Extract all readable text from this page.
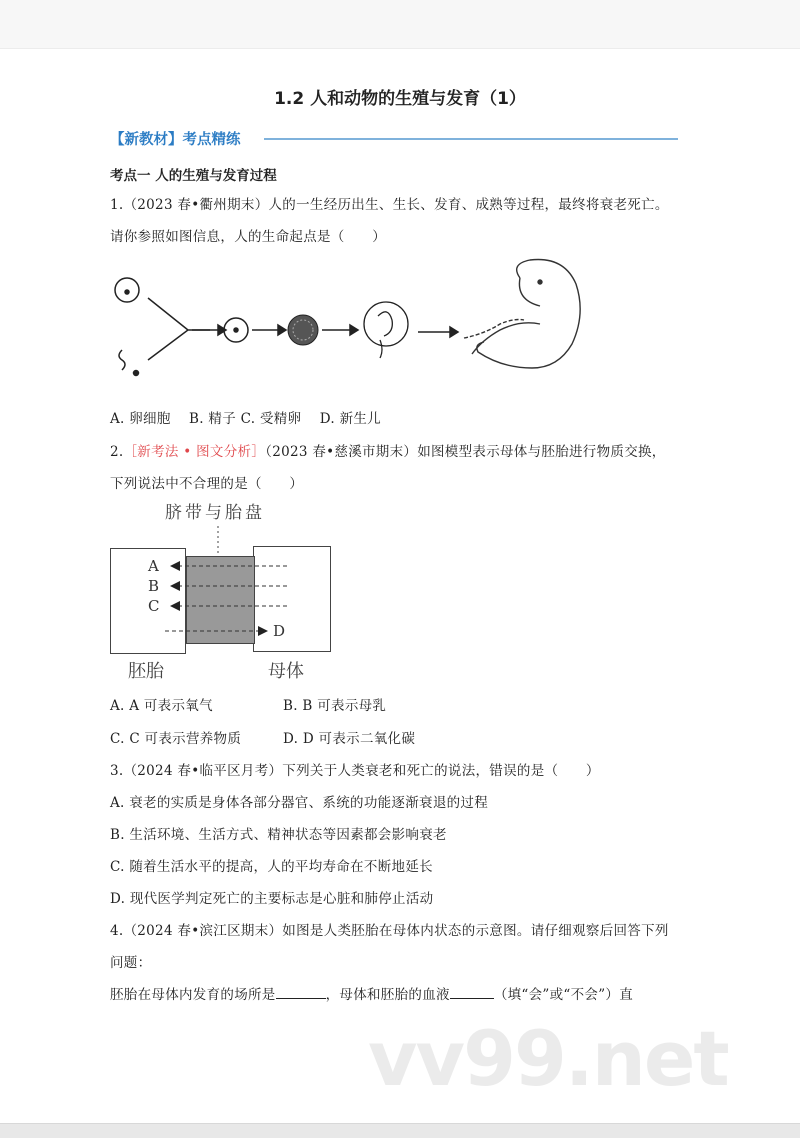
1.2 人和动物的生殖与发育（1）
【新教材】考点精练
考点一 人的生殖与发育过程
1.（2023 春•衢州期末）人的一生经历出生、生长、发育、成熟等过程，最终将衰老死亡。
请你参照如图信息，人的生命起点是（　　）
A. 卵细胞　 B. 精子 C. 受精卵　 D. 新生儿
2.［新考法 • 图文分析］（2023 春•慈溪市期末）如图模型表示母体与胚胎进行物质交换，
下列说法中不合理的是（　　）
脐带与胎盘
胚胎	母体
A
B
C
D
A. A 可表示氧气	B. B 可表示母乳
C. C 可表示营养物质	D. D 可表示二氧化碳
3.（2024 春•临平区月考）下列关于人类衰老和死亡的说法，错误的是（　　）
A. 衰老的实质是身体各部分器官、系统的功能逐渐衰退的过程
B. 生活环境、生活方式、精神状态等因素都会影响衰老
C. 随着生活水平的提高，人的平均寿命在不断地延长
D. 现代医学判定死亡的主要标志是心脏和肺停止活动
4.（2024 春•滨江区期末）如图是人类胚胎在母体内状态的示意图。请仔细观察后回答下列
问题：
胚胎在母体内发育的场所是	，母体和胚胎的血液	（填“会”或“不会”）直
vv99.net
